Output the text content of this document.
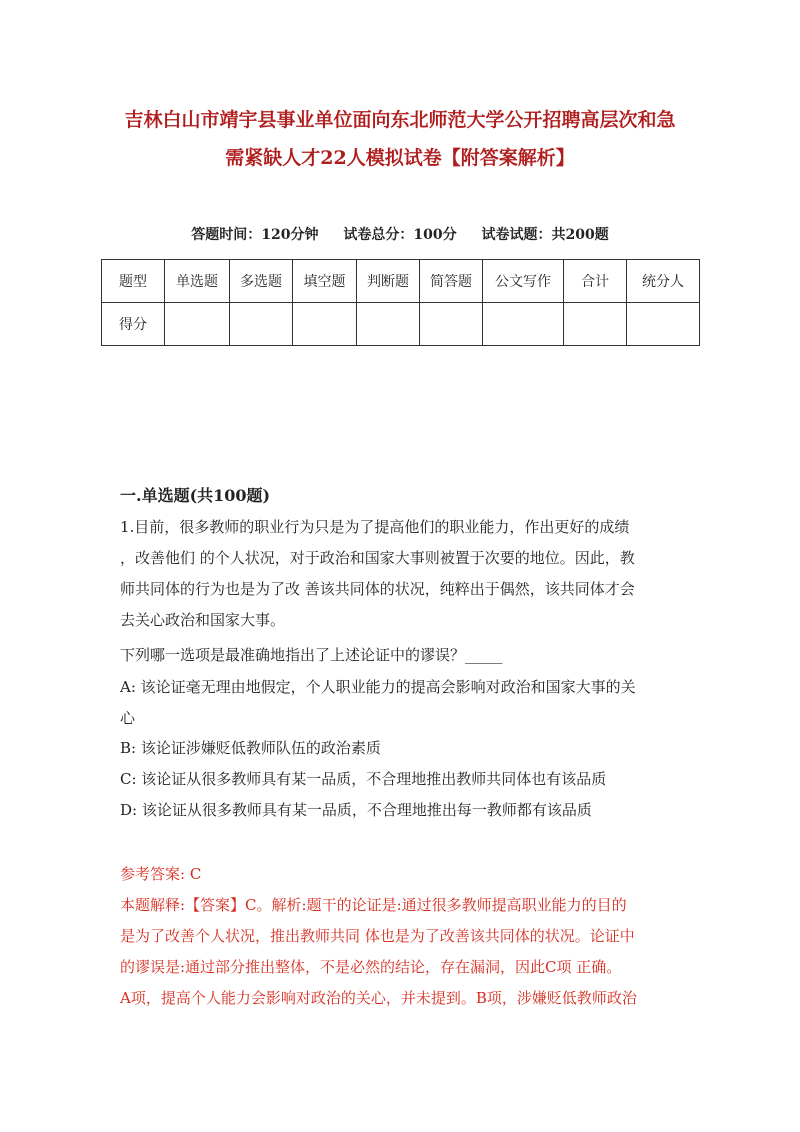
吉林白山市靖宇县事业单位面向东北师范大学公开招聘高层次和急
需紧缺人才22人模拟试卷【附答案解析】
答题时间：120分钟 试卷总分：100分 试卷试题：共200题
题型	单选题	多选题	填空题	判断题	简答题	公文写作	合计	统分人
得分								
一.单选题(共100题)
1.目前，很多教师的职业行为只是为了提高他们的职业能力，作出更好的成绩
，改善他们 的个人状况，对于政治和国家大事则被置于次要的地位。因此，教
师共同体的行为也是为了改 善该共同体的状况，纯粹出于偶然，该共同体才会
去关心政治和国家大事。
下列哪一选项是最准确地指出了上述论证中的谬误？_____
A: 该论证毫无理由地假定，个人职业能力的提高会影响对政治和国家大事的关
心
B: 该论证涉嫌贬低教师队伍的政治素质
C: 该论证从很多教师具有某一品质，不合理地推出教师共同体也有该品质
D: 该论证从很多教师具有某一品质，不合理地推出每一教师都有该品质
参考答案: C
本题解释:【答案】C。解析:题干的论证是:通过很多教师提高职业能力的目的
是为了改善个人状况，推出教师共同 体也是为了改善该共同体的状况。论证中
的谬误是:通过部分推出整体，不是必然的结论，存在漏洞，因此C项 正确。
A项，提高个人能力会影响对政治的关心，并未提到。B项，涉嫌贬低教师政治
